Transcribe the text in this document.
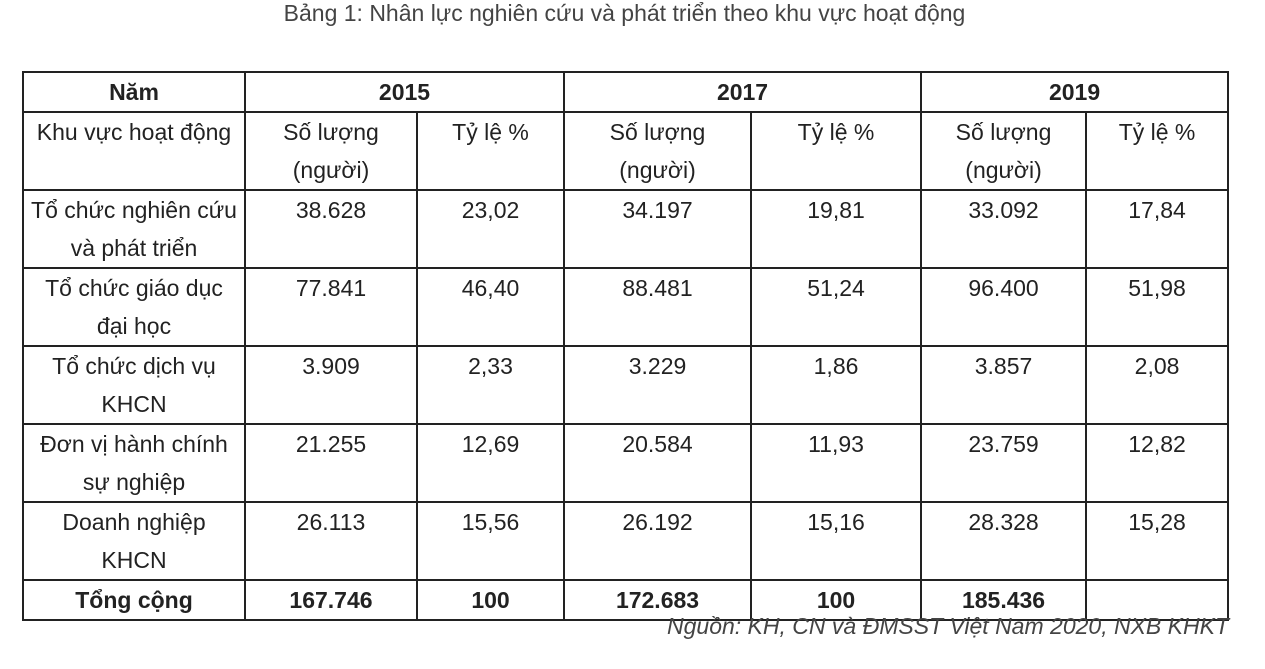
Bảng 1: Nhân lực nghiên cứu và phát triển theo khu vực hoạt động
Năm	2015		2017		2019	
Khu vực hoạt động	Số lượng (người)	Tỷ lệ %	Số lượng (người)	Tỷ lệ %	Số lượng (người)	Tỷ lệ %
Tổ chức nghiên cứu và phát triển	38.628	23,02	34.197	19,81	33.092	17,84
Tổ chức giáo dục đại học	77.841	46,40	88.481	51,24	96.400	51,98
Tổ chức dịch vụ KHCN	3.909	2,33	3.229	1,86	3.857	2,08
Đơn vị hành chính sự nghiệp	21.255	12,69	20.584	11,93	23.759	12,82
Doanh nghiệp KHCN	26.113	15,56	26.192	15,16	28.328	15,28
Tổng cộng	167.746	100	172.683	100	185.436	
Nguồn: KH, CN và ĐMSST Việt Nam 2020, NXB KHKT
